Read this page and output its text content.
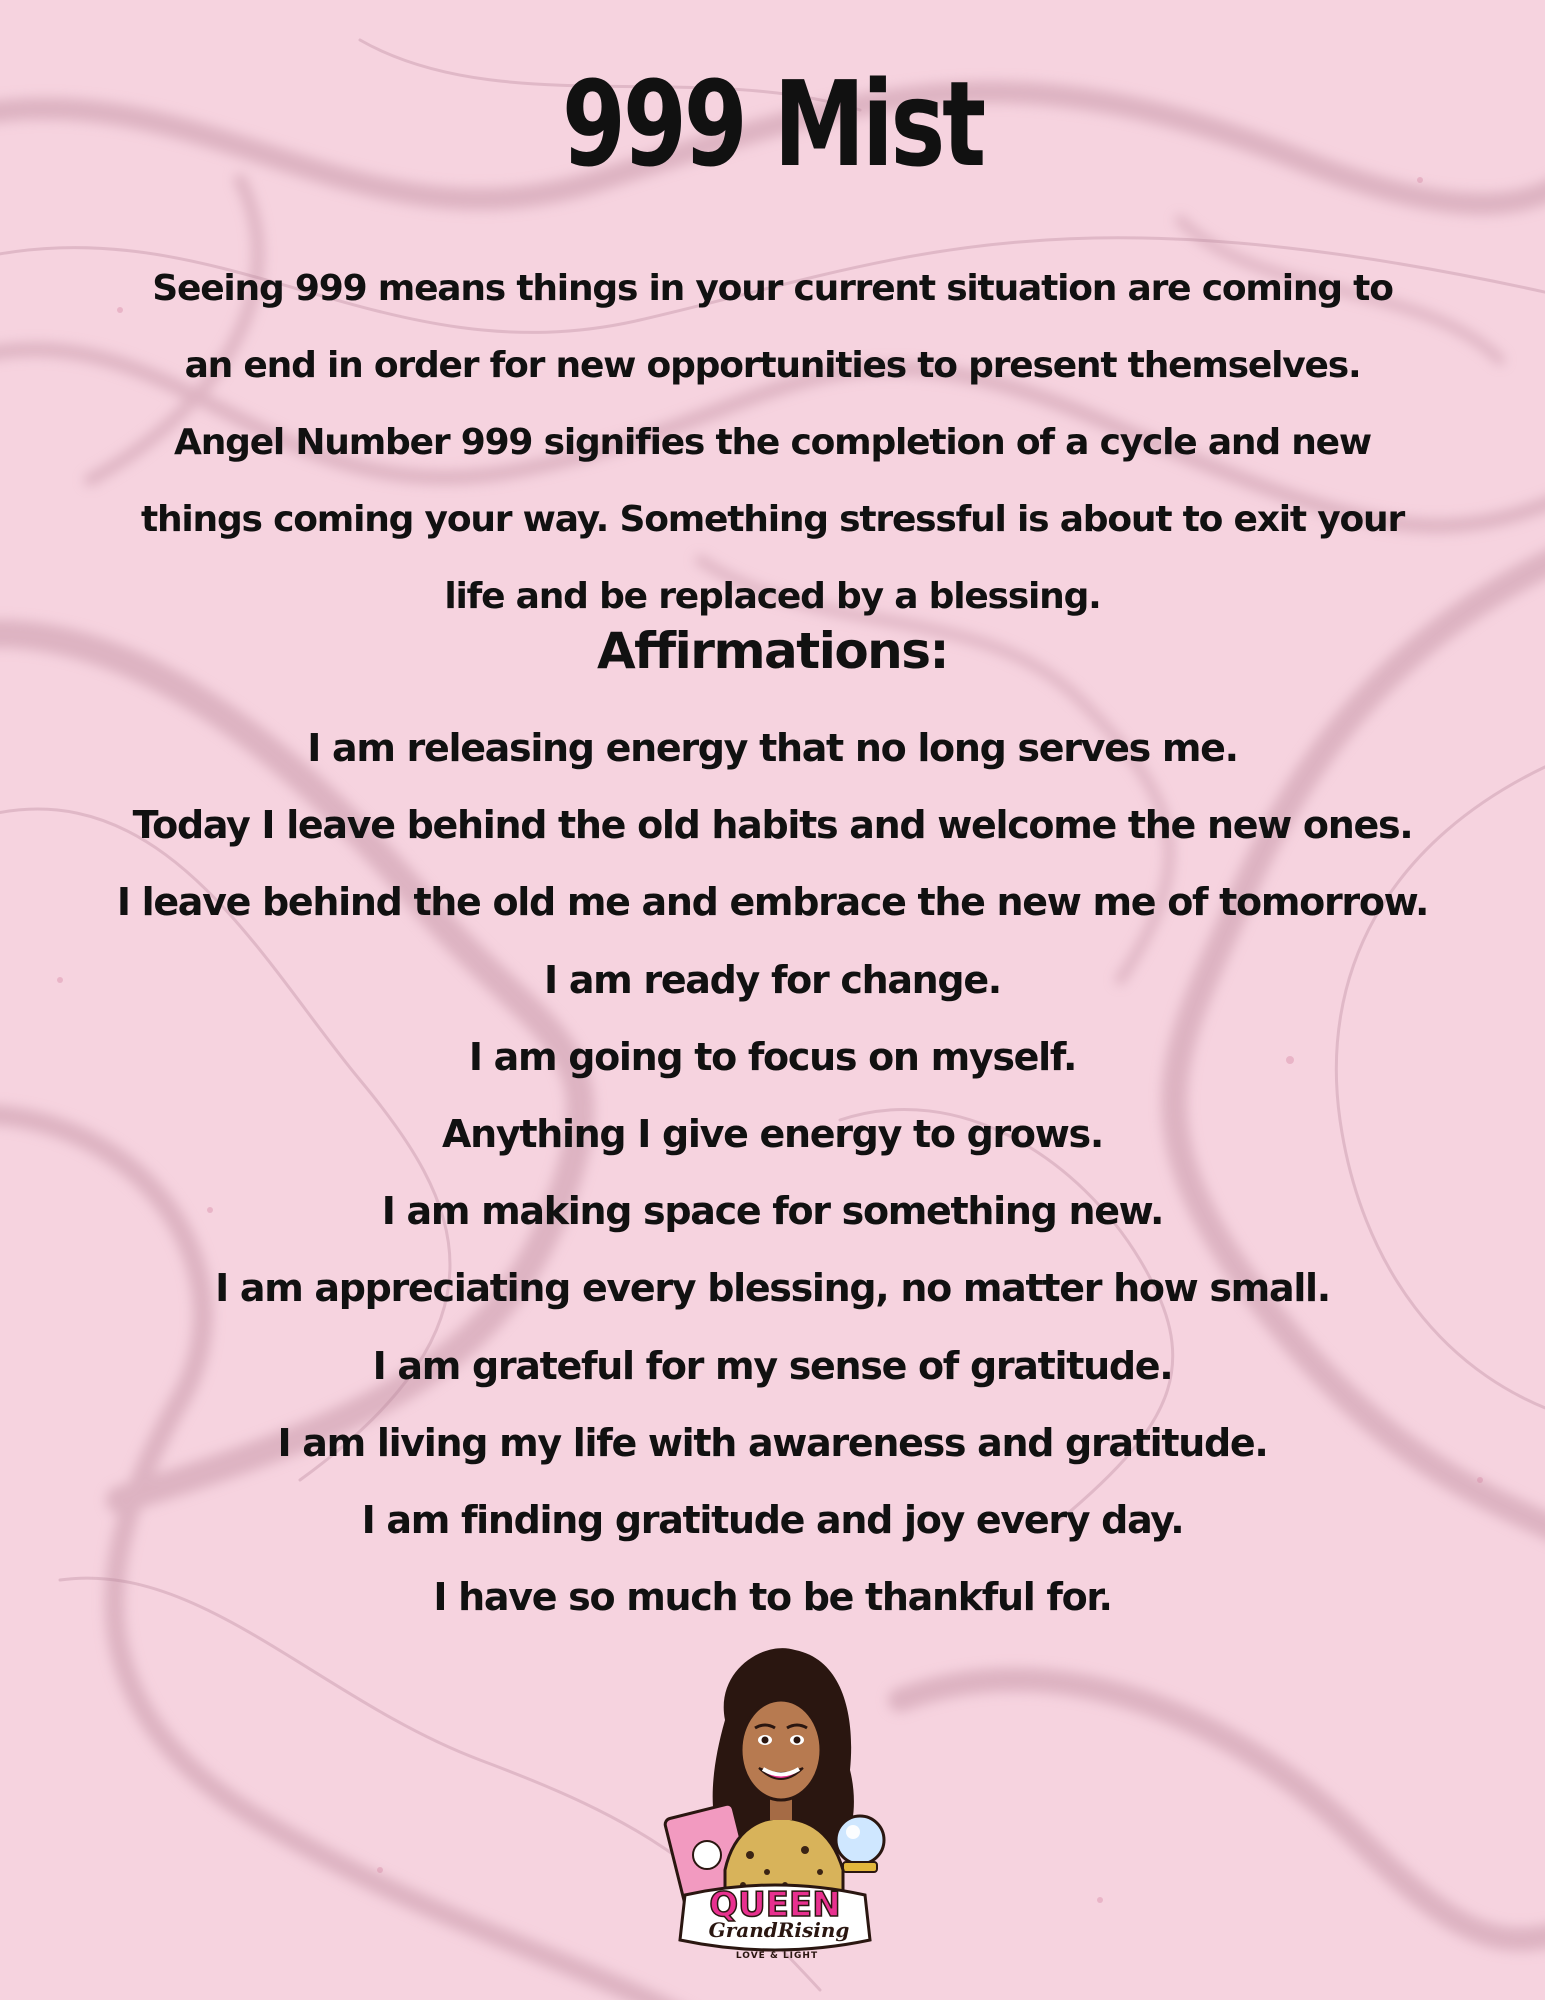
999 Mist

Seeing 999 means things in your current situation are coming to an end in order for new opportunities to present themselves. Angel Number 999 signifies the completion of a cycle and new things coming your way. Something stressful is about to exit your life and be replaced by a blessing.

Affirmations:
I am releasing energy that no long serves me.
Today I leave behind the old habits and welcome the new ones.
I leave behind the old me and embrace the new me of tomorrow.
I am ready for change.
I am going to focus on myself.
Anything I give energy to grows.
I am making space for something new.
I am appreciating every blessing, no matter how small.
I am grateful for my sense of gratitude.
I am living my life with awareness and gratitude.
I am finding gratitude and joy every day.
I have so much to be thankful for.
QUEEN
GrandRising
LOVE & LIGHT
